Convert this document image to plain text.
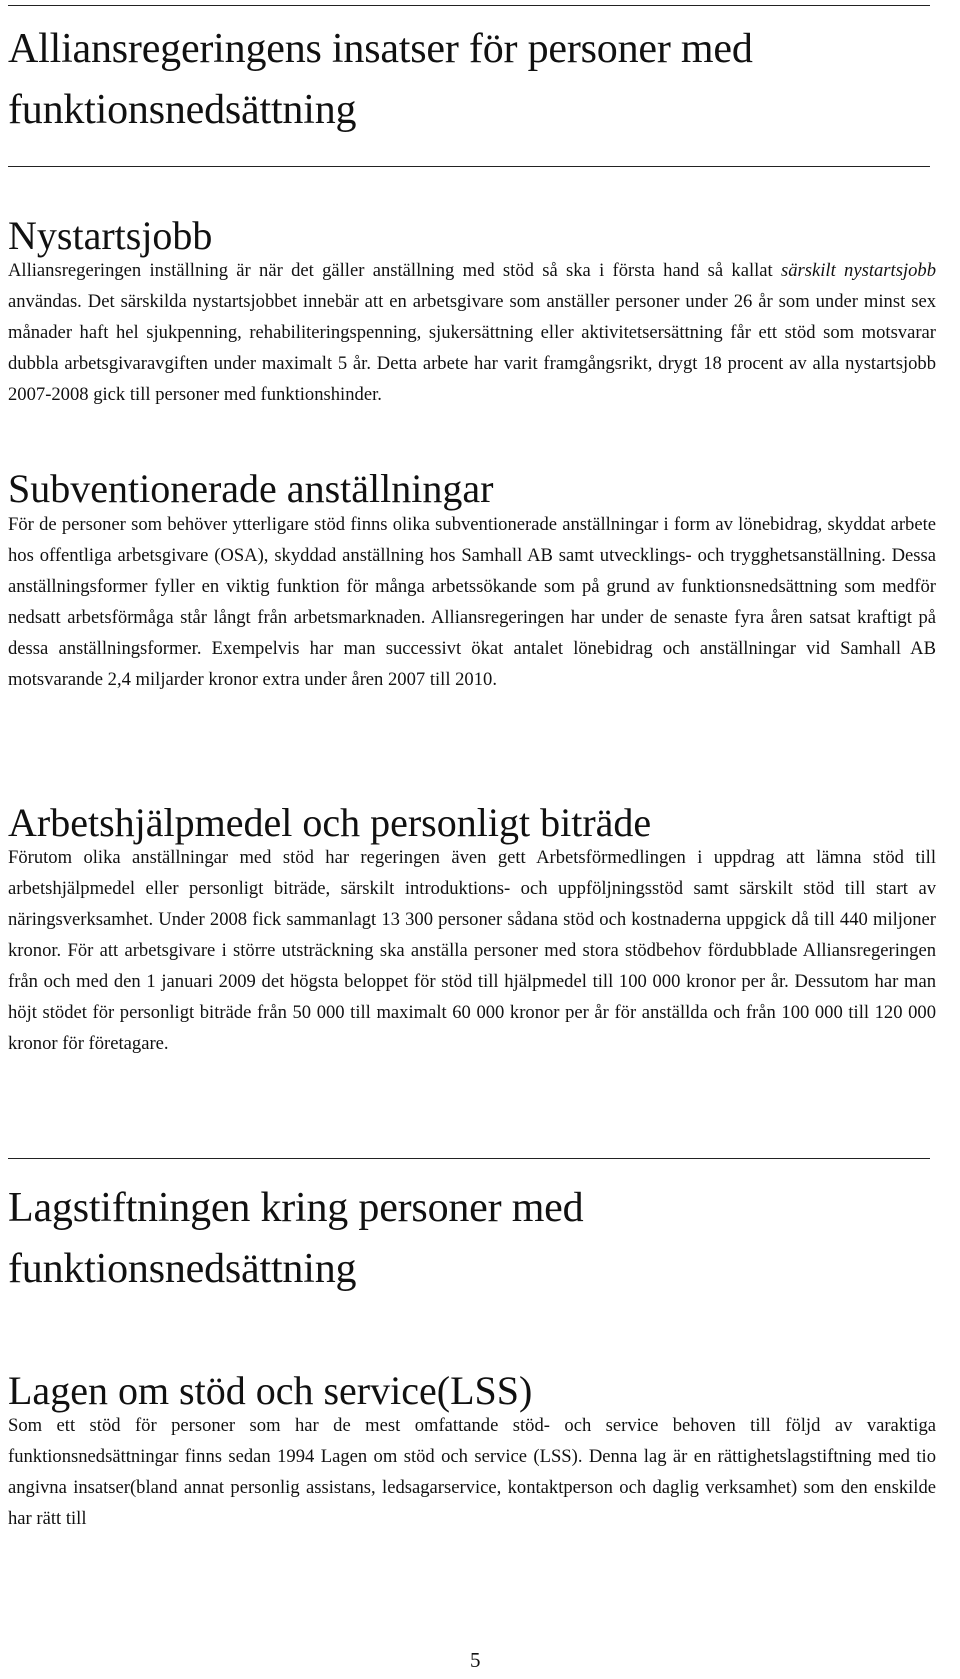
Alliansregeringens insatser för personer med funktionsnedsättning
Nystartsjobb

Alliansregeringen inställning är när det gäller anställning med stöd så ska i första hand så kallat särskilt nystartsjobb användas. Det särskilda nystartsjobbet innebär att en arbetsgivare som anställer personer under 26 år som under minst sex månader haft hel sjukpenning, rehabiliteringspenning, sjukersättning eller aktivitetsersättning får ett stöd som motsvarar dubbla arbetsgivaravgiften under maximalt 5 år. Detta arbete har varit framgångsrikt, drygt 18 procent av alla nystartsjobb 2007-2008 gick till personer med funktionshinder.

Subventionerade anställningar

För de personer som behöver ytterligare stöd finns olika subventionerade anställningar i form av lönebidrag, skyddat arbete hos offentliga arbetsgivare (OSA), skyddad anställning hos Samhall AB samt utvecklings- och trygghetsanställning. Dessa anställningsformer fyller en viktig funktion för många arbetssökande som på grund av funktionsnedsättning som medför nedsatt arbetsförmåga står långt från arbetsmarknaden. Alliansregeringen har under de senaste fyra åren satsat kraftigt på dessa anställningsformer. Exempelvis har man successivt ökat antalet lönebidrag och anställningar vid Samhall AB motsvarande 2,4 miljarder kronor extra under åren 2007 till 2010.

Arbetshjälpmedel och personligt biträde

Förutom olika anställningar med stöd har regeringen även gett Arbetsförmedlingen i uppdrag att lämna stöd till arbetshjälpmedel eller personligt biträde, särskilt introduktions- och uppföljningsstöd samt särskilt stöd till start av näringsverksamhet. Under 2008 fick sammanlagt 13 300 personer sådana stöd och kostnaderna uppgick då till 440 miljoner kronor. För att arbetsgivare i större utsträckning ska anställa personer med stora stödbehov fördubblade Alliansregeringen från och med den 1 januari 2009 det högsta beloppet för stöd till hjälpmedel till 100 000 kronor per år. Dessutom har man höjt stödet för personligt biträde från 50 000 till maximalt 60 000 kronor per år för anställda och från 100 000 till 120 000 kronor för företagare.

Lagstiftningen kring personer med funktionsnedsättning
Lagen om stöd och service(LSS)

Som ett stöd för personer som har de mest omfattande stöd- och service behoven till följd av varaktiga funktionsnedsättningar finns sedan 1994 Lagen om stöd och service (LSS). Denna lag är en rättighetslagstiftning med tio angivna insatser(bland annat personlig assistans, ledsagarservice, kontaktperson och daglig verksamhet) som den enskilde har rätt till

5
